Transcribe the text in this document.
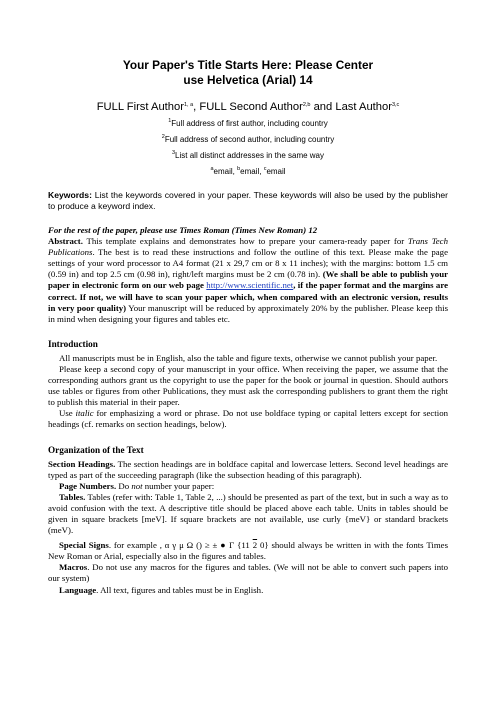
Your Paper's Title Starts Here: Please Center
use Helvetica (Arial) 14
FULL First Author$^{1, a}$, FULL Second Author$^{2,b}$ and Last Author$^{3,c}$
$^1$Full address of first author, including country
$^2$Full address of second author, including country
$^3$List all distinct addresses in the same way
$^a$email, $^b$email, $^c$email
Keywords: List the keywords covered in your paper. These keywords will also be used by the publisher to produce a keyword index.

For the rest of the paper, please use Times Roman (Times New Roman) 12

Abstract. This template explains and demonstrates how to prepare your camera-ready paper for Trans Tech Publications. The best is to read these instructions and follow the outline of this text. Please make the page settings of your word processor to A4 format (21 x 29,7 cm or 8 x 11 inches); with the margins: bottom 1.5 cm (0.59 in) and top 2.5 cm (0.98 in), right/left margins must be 2 cm (0.78 in). (We shall be able to publish your paper in electronic form on our web page http://www.scientific.net, if the paper format and the margins are correct. If not, we will have to scan your paper which, when compared with an electronic version, results in very poor quality) Your manuscript will be reduced by approximately 20% by the publisher. Please keep this in mind when designing your figures and tables etc.

Introduction

All manuscripts must be in English, also the table and figure texts, otherwise we cannot publish your paper.

Please keep a second copy of your manuscript in your office. When receiving the paper, we assume that the corresponding authors grant us the copyright to use the paper for the book or journal in question. Should authors use tables or figures from other Publications, they must ask the corresponding publishers to grant them the right to publish this material in their paper.

Use italic for emphasizing a word or phrase. Do not use boldface typing or capital letters except for section headings (cf. remarks on section headings, below).

Organization of the Text

Section Headings. The section headings are in boldface capital and lowercase letters. Second level headings are typed as part of the succeeding paragraph (like the subsection heading of this paragraph).

Page Numbers. Do not number your paper:

Tables. Tables (refer with: Table 1, Table 2, ...) should be presented as part of the text, but in such a way as to avoid confusion with the text. A descriptive title should be placed above each table. Units in tables should be given in square brackets [meV]. If square brackets are not available, use curly {meV} or standard brackets (meV).

Special Signs. for example , α γ μ Ω () ≥ ± ● Γ {11 2 0} should always be written in with the fonts Times New Roman or Arial, especially also in the figures and tables.

Macros. Do not use any macros for the figures and tables. (We will not be able to convert such papers into our system)

Language. All text, figures and tables must be in English.
